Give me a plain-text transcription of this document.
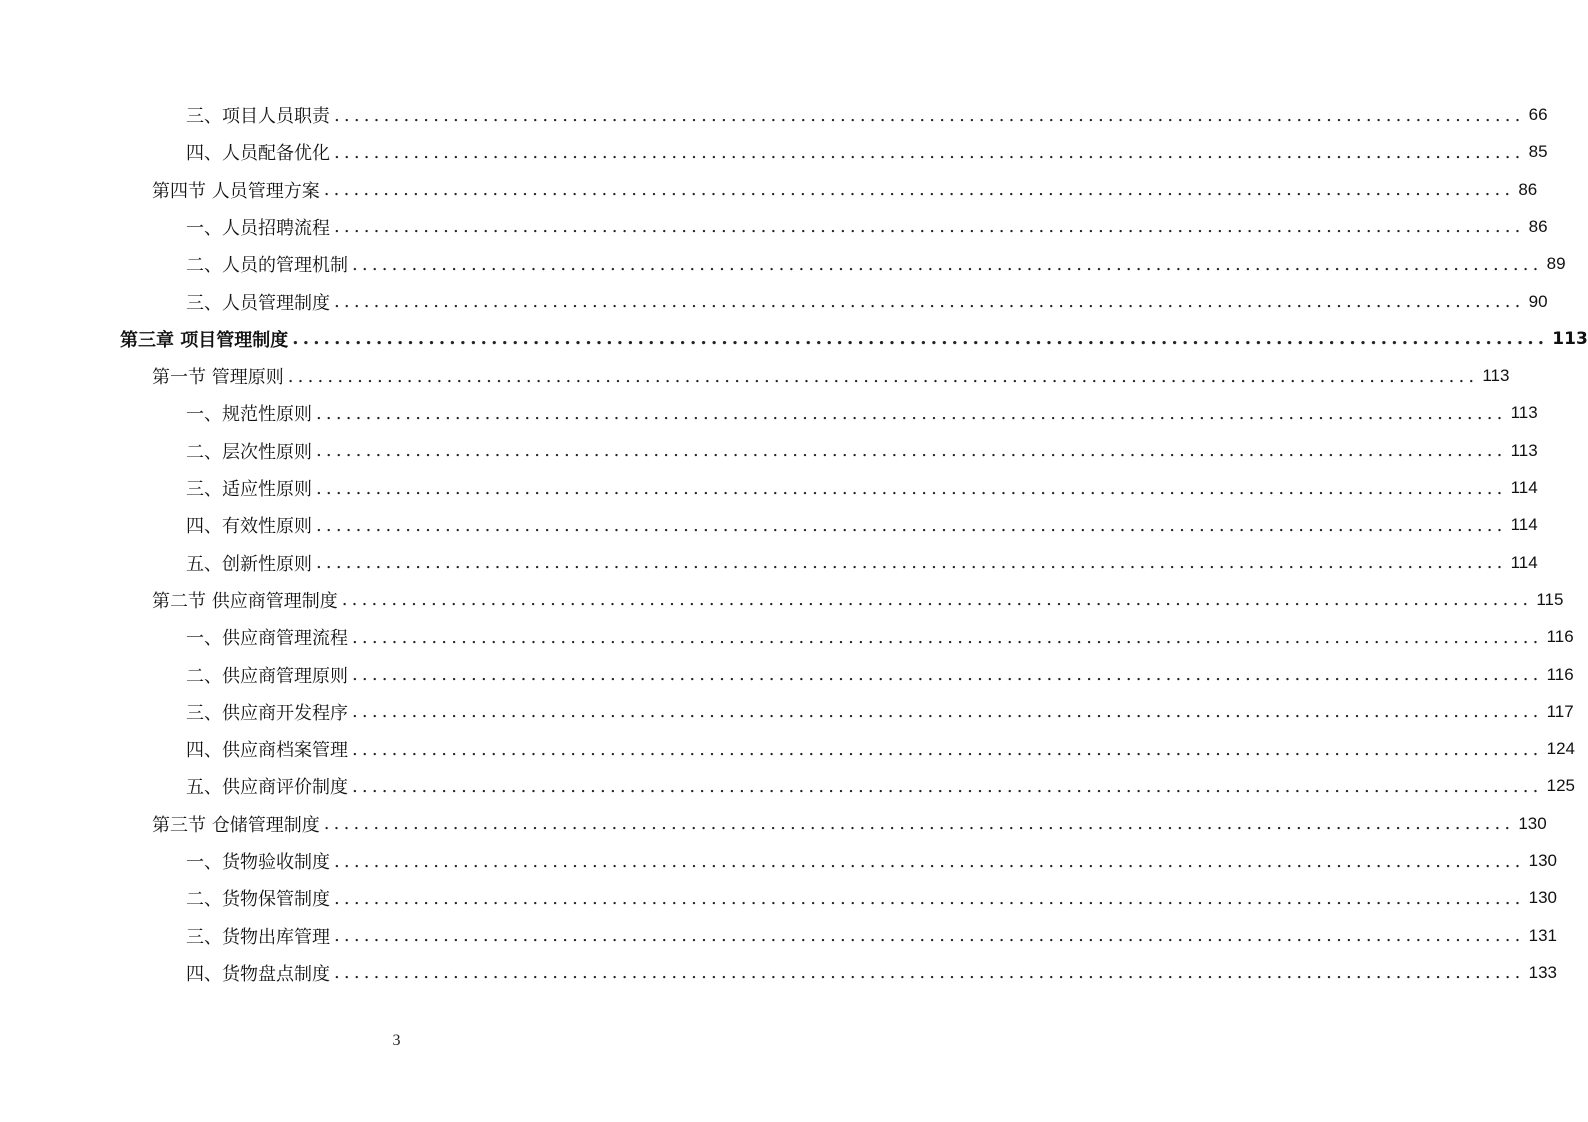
三、项目人员职责 ........................................................................................................................ 66
四、人员配备优化 ........................................................................................................................ 85
第四节 人员管理方案 ........................................................................................................................ 86
一、人员招聘流程 ........................................................................................................................ 86
二、人员的管理机制 ........................................................................................................................ 89
三、人员管理制度 ........................................................................................................................ 90
第三章 项目管理制度 ........................................................................................................................ 113
第一节 管理原则 ........................................................................................................................ 113
一、规范性原则 ........................................................................................................................ 113
二、层次性原则 ........................................................................................................................ 113
三、适应性原则 ........................................................................................................................ 114
四、有效性原则 ........................................................................................................................ 114
五、创新性原则 ........................................................................................................................ 114
第二节 供应商管理制度 ........................................................................................................................ 115
一、供应商管理流程 ........................................................................................................................ 116
二、供应商管理原则 ........................................................................................................................ 116
三、供应商开发程序 ........................................................................................................................ 117
四、供应商档案管理 ........................................................................................................................ 124
五、供应商评价制度 ........................................................................................................................ 125
第三节 仓储管理制度 ........................................................................................................................ 130
一、货物验收制度 ........................................................................................................................ 130
二、货物保管制度 ........................................................................................................................ 130
三、货物出库管理 ........................................................................................................................ 131
四、货物盘点制度 ........................................................................................................................ 133
3
